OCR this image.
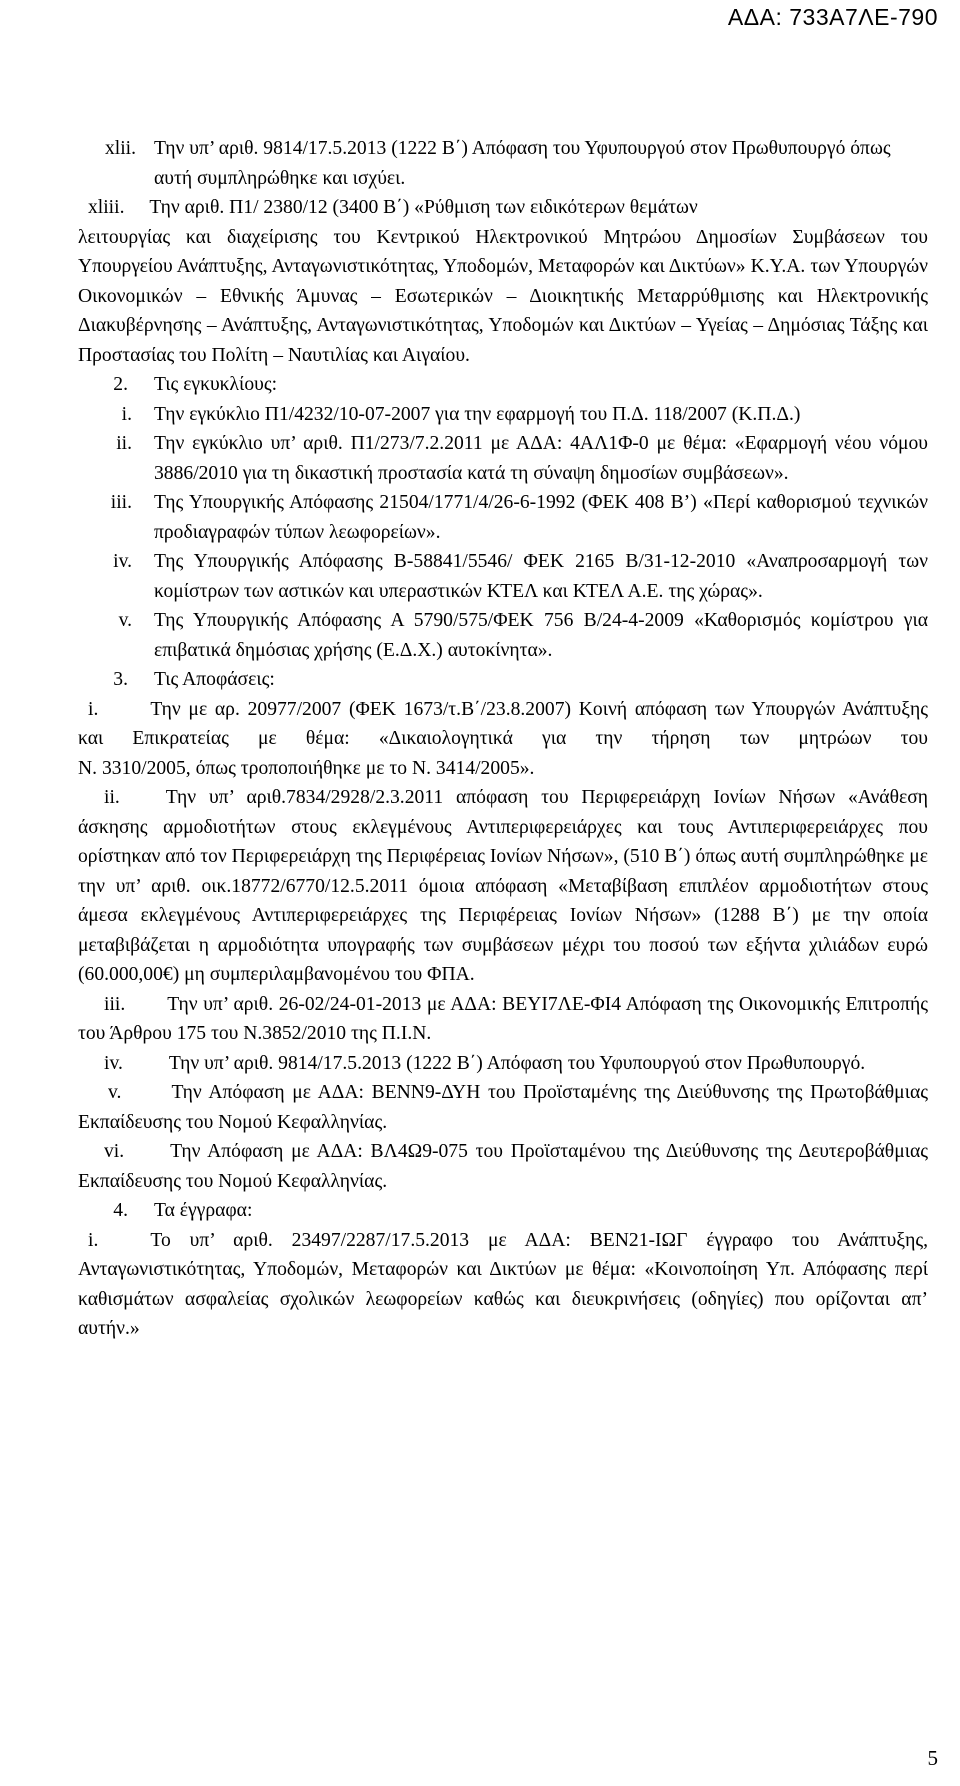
ΑΔΑ: 733Α7ΛΕ-790
xlii. Την υπ’ αριθ. 9814/17.5.2013 (1222 Β΄) Απόφαση του Υφυπουργού στον Πρωθυπουργό όπως αυτή συμπληρώθηκε και ισχύει.

xliii. Την αριθ. Π1/ 2380/12 (3400 Β΄) «Ρύθμιση των ειδικότερων θεμάτων

λειτουργίας και διαχείρισης του Κεντρικού Ηλεκτρονικού Μητρώου Δημοσίων Συμβάσεων του Υπουργείου Ανάπτυξης, Ανταγωνιστικότητας, Υποδομών, Μεταφορών και Δικτύων» Κ.Υ.Α. των Υπουργών Οικονομικών – Εθνικής Άμυνας – Εσωτερικών – Διοικητικής Μεταρρύθμισης και Ηλεκτρονικής Διακυβέρνησης – Ανάπτυξης, Ανταγωνιστικότητας, Υποδομών και Δικτύων – Υγείας – Δημόσιας Τάξης και Προστασίας του Πολίτη – Ναυτιλίας και Αιγαίου.

2. Τις εγκυκλίους:
i. Την εγκύκλιο Π1/4232/10-07-2007 για την εφαρμογή του Π.Δ. 118/2007 (Κ.Π.Δ.)
ii. Την εγκύκλιο υπ’ αριθ. Π1/273/7.2.2011 με ΑΔΑ: 4ΑΛ1Φ-0 με θέμα: «Εφαρμογή νέου νόμου 3886/2010 για τη δικαστική προστασία κατά τη σύναψη δημοσίων συμβάσεων».
iii. Της Υπουργικής Απόφασης 21504/1771/4/26-6-1992 (ΦΕΚ 408 Β’) «Περί καθορισμού τεχνικών προδιαγραφών τύπων λεωφορείων».
iv. Της Υπουργικής Απόφασης Β-58841/5546/ ΦΕΚ 2165 Β/31-12-2010 «Αναπροσαρμογή των κομίστρων των αστικών και υπεραστικών ΚΤΕΛ και ΚΤΕΛ Α.Ε. της χώρας».
v. Της Υπουργικής Απόφασης Α 5790/575/ΦΕΚ 756 Β/24-4-2009 «Καθορισμός κομίστρου για επιβατικά δημόσιας χρήσης (Ε.Δ.Χ.) αυτοκίνητα».
3. Τις Αποφάσεις:

i.	Την με αρ. 20977/2007 (ΦΕΚ 1673/τ.Β΄/23.8.2007) Κοινή απόφαση των Υπουργών Ανάπτυξης και Επικρατείας με θέμα: «Δικαιολογητικά για την τήρηση των μητρώων του

Ν. 3310/2005, όπως τροποποιήθηκε με το Ν. 3414/2005».

ii. Την υπ’ αριθ.7834/2928/2.3.2011 απόφαση του Περιφερειάρχη Ιονίων Νήσων «Ανάθεση άσκησης αρμοδιοτήτων στους εκλεγμένους Αντιπεριφερειάρχες και τους Αντιπεριφερειάρχες που ορίστηκαν από τον Περιφερειάρχη της Περιφέρειας Ιονίων Νήσων», (510 Β΄) όπως αυτή συμπληρώθηκε με την υπ’ αριθ. οικ.18772/6770/12.5.2011 όμοια απόφαση «Μεταβίβαση επιπλέον αρμοδιοτήτων στους άμεσα εκλεγμένους Αντιπεριφερειάρχες της Περιφέρειας Ιονίων Νήσων» (1288 Β΄) με την οποία μεταβιβάζεται η αρμοδιότητα υπογραφής των συμβάσεων μέχρι του ποσού των εξήντα χιλιάδων ευρώ (60.000,00€) μη συμπεριλαμβανομένου του ΦΠΑ.

iii. Την υπ’ αριθ. 26-02/24-01-2013 με ΑΔΑ: ΒΕΥΙ7ΛΕ-ΦΙ4 Απόφαση της Οικονομικής Επιτροπής του Άρθρου 175 του Ν.3852/2010 της Π.Ι.Ν.

iv. Την υπ’ αριθ. 9814/17.5.2013 (1222 Β΄) Απόφαση του Υφυπουργού στον Πρωθυπουργό.

v.	Την Απόφαση με ΑΔΑ: ΒΕΝΝ9-ΔΥΗ του Προϊσταμένης της Διεύθυνσης της Πρωτοβάθμιας Εκπαίδευσης του Νομού Κεφαλληνίας.

vi. Την Απόφαση με ΑΔΑ: ΒΛ4Ω9-075 του Προϊσταμένου της Διεύθυνσης της Δευτεροβάθμιας Εκπαίδευσης του Νομού Κεφαλληνίας.

4. Τα έγγραφα:

i.	Το υπ’ αριθ. 23497/2287/17.5.2013 με ΑΔΑ: ΒΕΝ21-ΙΩΓ έγγραφο του Ανάπτυξης, Ανταγωνιστικότητας, Υποδομών, Μεταφορών και Δικτύων με θέμα: «Κοινοποίηση Υπ. Απόφασης περί καθισμάτων ασφαλείας σχολικών λεωφορείων καθώς και διευκρινήσεις (οδηγίες) που ορίζονται απ’ αυτήν.»

5
